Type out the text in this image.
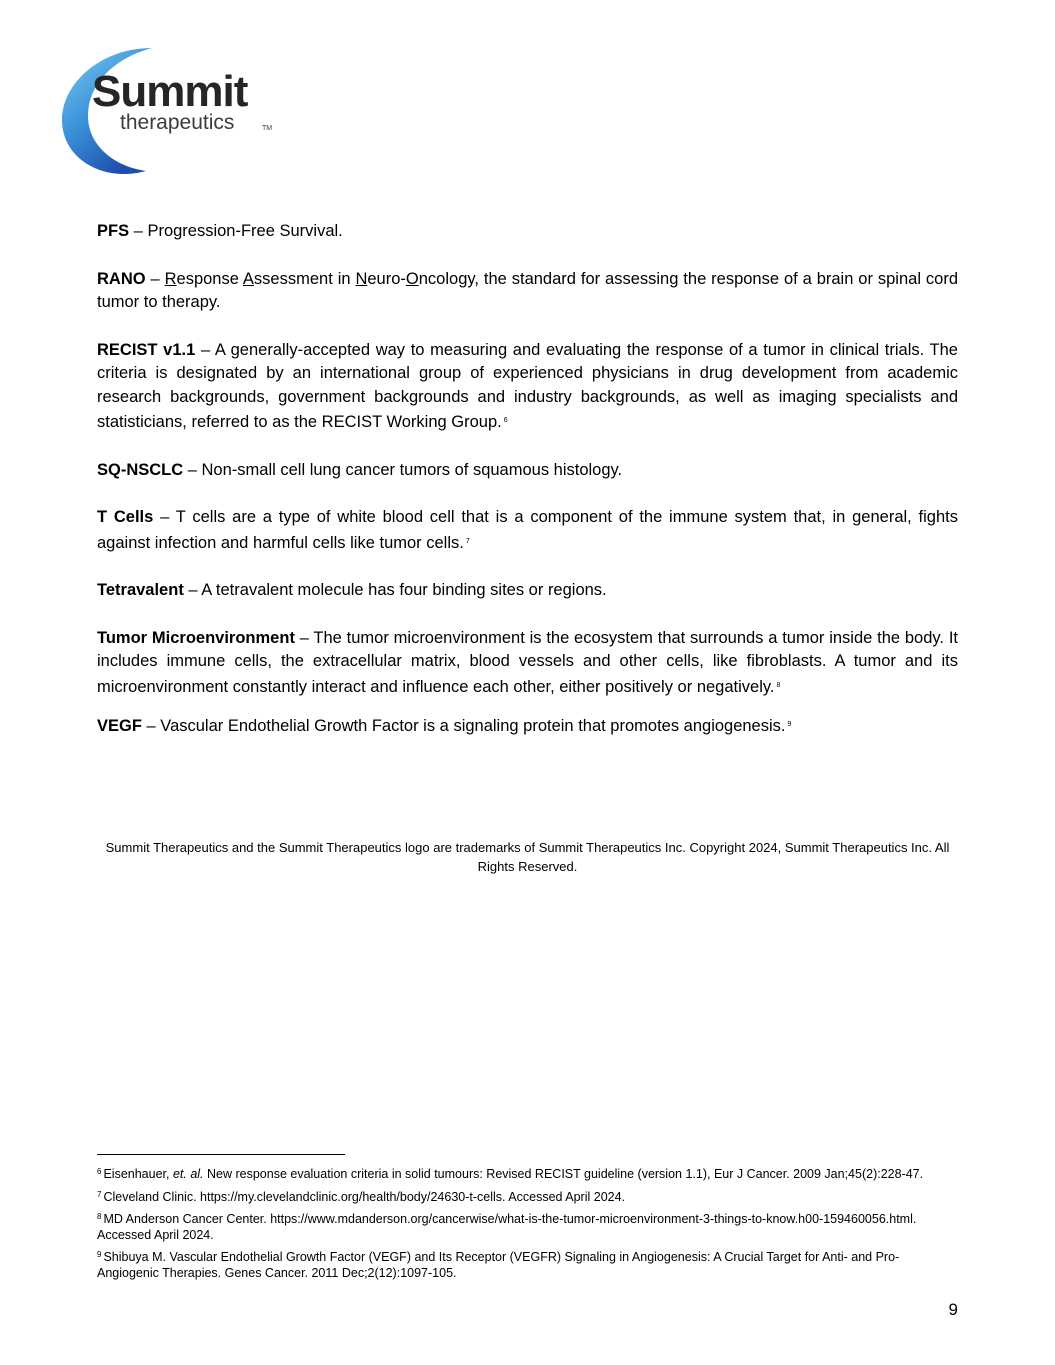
Summit
therapeutics	TM

PFS – Progression-Free Survival.

RANO – Response Assessment in Neuro-Oncology, the standard for assessing the response of a brain or spinal cord tumor to therapy.

RECIST v1.1 – A generally-accepted way to measuring and evaluating the response of a tumor in clinical trials. The criteria is designated by an international group of experienced physicians in drug development from academic research backgrounds, government backgrounds and industry backgrounds, as well as imaging specialists and statisticians, referred to as the RECIST Working Group. $^6$

SQ-NSCLC – Non-small cell lung cancer tumors of squamous histology.

T Cells – T cells are a type of white blood cell that is a component of the immune system that, in general, fights against infection and harmful cells like tumor cells. $^7$

Tetravalent – A tetravalent molecule has four binding sites or regions.

Tumor Microenvironment – The tumor microenvironment is the ecosystem that surrounds a tumor inside the body. It includes immune cells, the extracellular matrix, blood vessels and other cells, like fibroblasts. A tumor and its microenvironment constantly interact and influence each other, either positively or negatively. $^8$

VEGF – Vascular Endothelial Growth Factor is a signaling protein that promotes angiogenesis. $^9$

Summit Therapeutics and the Summit Therapeutics logo are trademarks of Summit Therapeutics Inc. Copyright 2024, Summit Therapeutics Inc. All Rights Reserved.

$^6$ Eisenhauer, et. al. New response evaluation criteria in solid tumours: Revised RECIST guideline (version 1.1), Eur J Cancer. 2009 Jan;45(2):228-47.

$^7$ Cleveland Clinic. https://my.clevelandclinic.org/health/body/24630-t-cells. Accessed April 2024.

$^8$ MD Anderson Cancer Center. https://www.mdanderson.org/cancerwise/what-is-the-tumor-microenvironment-3-things-to-know.h00-159460056.html. Accessed April 2024.

$^9$ Shibuya M. Vascular Endothelial Growth Factor (VEGF) and Its Receptor (VEGFR) Signaling in Angiogenesis: A Crucial Target for Anti- and Pro-Angiogenic Therapies. Genes Cancer. 2011 Dec;2(12):1097-105.

9
